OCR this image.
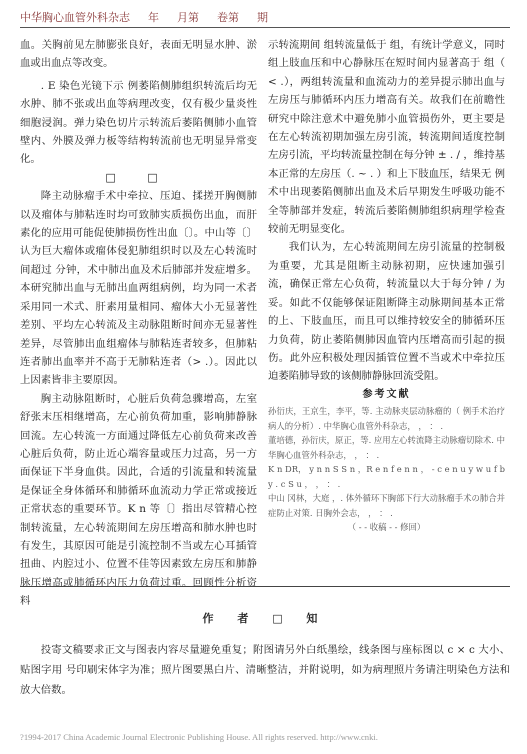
中华胸心血管外科杂志 年 月第 卷第 期

血。关胸前见左肺膨张良好，表面无明显水肿、淤血或出血点等改变。

. E 染色光镜下示 例萎陷侧肺组织转流后均无水肿、肺不张或出血等病理改变，仅有极少量炎性细胞浸润。弹力染色切片示转流后萎陷侧肺小血管壁内、外膜及弹力板等结构转流前也无明显异常变化。

□ □

降主动脉瘤手术中牵拉、压迫、揉搓开胸侧肺以及瘤体与肺粘连时均可致肺实质损伤出血，而肝素化的应用可能促使肺损伤性出血〔〕。中山等〔〕认为巨大瘤体或瘤体侵犯肺组织时以及左心转流时间超过 分钟，术中肺出血及术后肺部并发症增多。本研究肺出血与无肺出血两组病例，均为同一术者采用同一术式、肝素用量相同、瘤体大小无显著性差别、平均左心转流及主动脉阻断时间亦无显著性差异，尽管肺出血组瘤体与肺粘连者较多，但肺粘连者肺出血率并不高于无肺粘连者（> .）。因此以上因素皆非主要原因。

胸主动脉阻断时，心脏后负荷急骤增高，左室舒张末压相继增高，左心前负荷加重，影响肺静脉回流。左心转流一方面通过降低左心前负荷来改善心脏后负荷，防止近心端容量或压力过高，另一方面保证下半身血供。因此，合适的引流量和转流量是保证全身体循环和肺循环血流动力学正常或接近正常状态的重要环节。K n 等〔〕指出尽管精心控制转流量，左心转流期间左房压增高和肺水肿也时有发生，其原因可能是引流控制不当或左心耳插管扭曲、内腔过小、位置不佳等因素致左房压和肺静脉压增高或肺循环内压力负荷过重。回顾性分析资料

示转流期间 组转流量低于 组，有统计学意义，同时 组上肢血压和中心静脉压在短时间内显著高于 组（ < .），两组转流量和血流动力的差异提示肺出血与左房压与肺循环内压力增高有关。故我们在前瞻性研究中除注意术中避免肺小血管损伤外，更主要是在左心转流初期加强左房引流，转流期间适度控制左房引流，平均转流量控制在每分钟 ± . / ，维持基本正常的左房压（. ~ . ）和上下肢血压，结果无 例术中出现萎陷侧肺出血及术后早期发生呼吸功能不全等肺部并发症，转流后萎陷侧肺组织病理学检查较前无明显变化。

我们认为，左心转流期间左房引流量的控制极为重要，尤其是阻断主动脉初期，应快速加强引流，确保正常左心负荷，转流量以大于每分钟 / 为妥。如此不仅能够保证阻断降主动脉期间基本正常的上、下肢血压，而且可以维持较安全的肺循环压力负荷，防止萎陷侧肺因血管内压增高而引起的损伤。此外应积极处理因插管位置不当或术中牵拉压迫萎陷肺导致的该侧肺静脉回流受阻。

参考文献

孙衍庆，王京生，李平，等. 主动脉夹层动脉瘤的（ 例手术治疗病人的分析）. 中华胸心血管外科杂志， ， ： .

董培德，孙衍庆，原正，等. 应用左心转流降主动脉瘤切除术. 中华胸心血管外科杂志， ， ： .

K n DR， y n n S S n ，R e n f e n n ， - c e n u y w u f b y . c S u ， ， ： .

中山 冈林，大庭 ，. 体外循环下胸部下行大动脉瘤手术の肺合并症防止对策. 日胸外会志， ， ： .

（ - - 收稿 - - 修回）

作 者 □ 知

投寄文稿要求正文与图表内容尽量避免重复；附图请另外白纸墨绘，线条图与座标图以 c × c 大小、贴图字用 号印刷宋体字为准；照片图要黑白片、清晰整洁，并附说明，如为病理照片务请注明染色方法和放大倍数。

?1994-2017 China Academic Journal Electronic Publishing House. All rights reserved. http://www.cnki.
